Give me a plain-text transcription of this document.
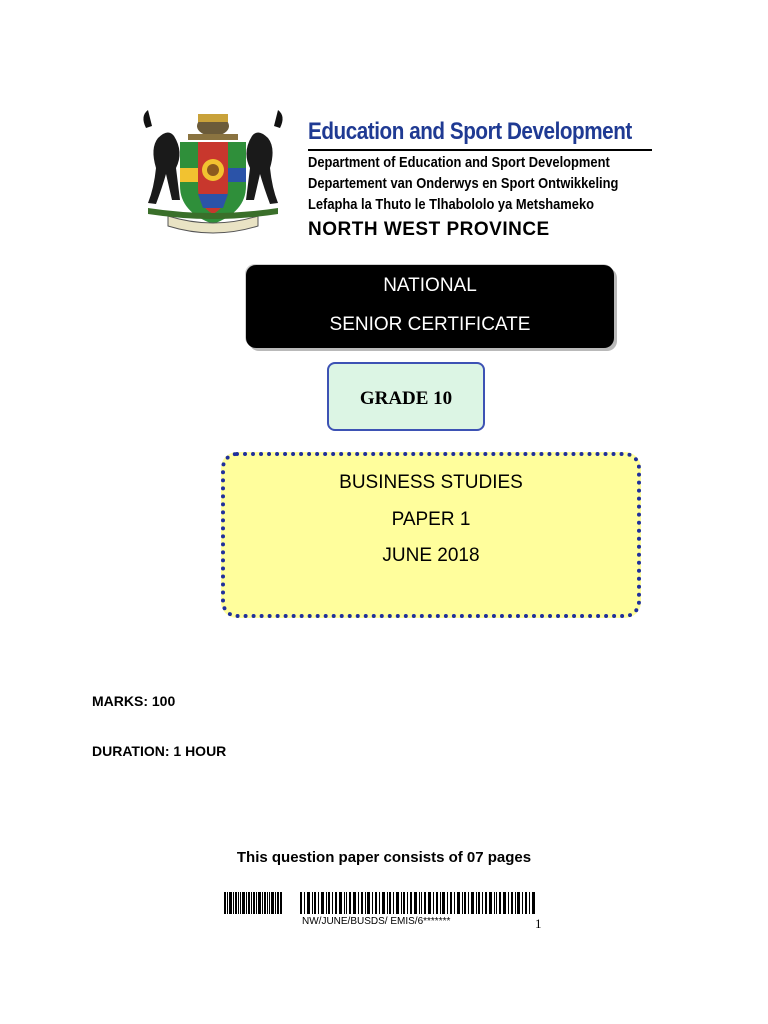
Education and Sport Development
Department of Education and Sport Development
Departement van Onderwys en Sport Ontwikkeling
Lefapha la Thuto le Tlhabololo ya Metshameko
NORTH WEST PROVINCE
NATIONAL
SENIOR CERTIFICATE
GRADE 10
BUSINESS STUDIES
PAPER 1
JUNE 2018
MARKS: 100
DURATION: 1 HOUR
This question paper consists of 07 pages
NW/JUNE/BUSDS/ EMIS/6*******	1
